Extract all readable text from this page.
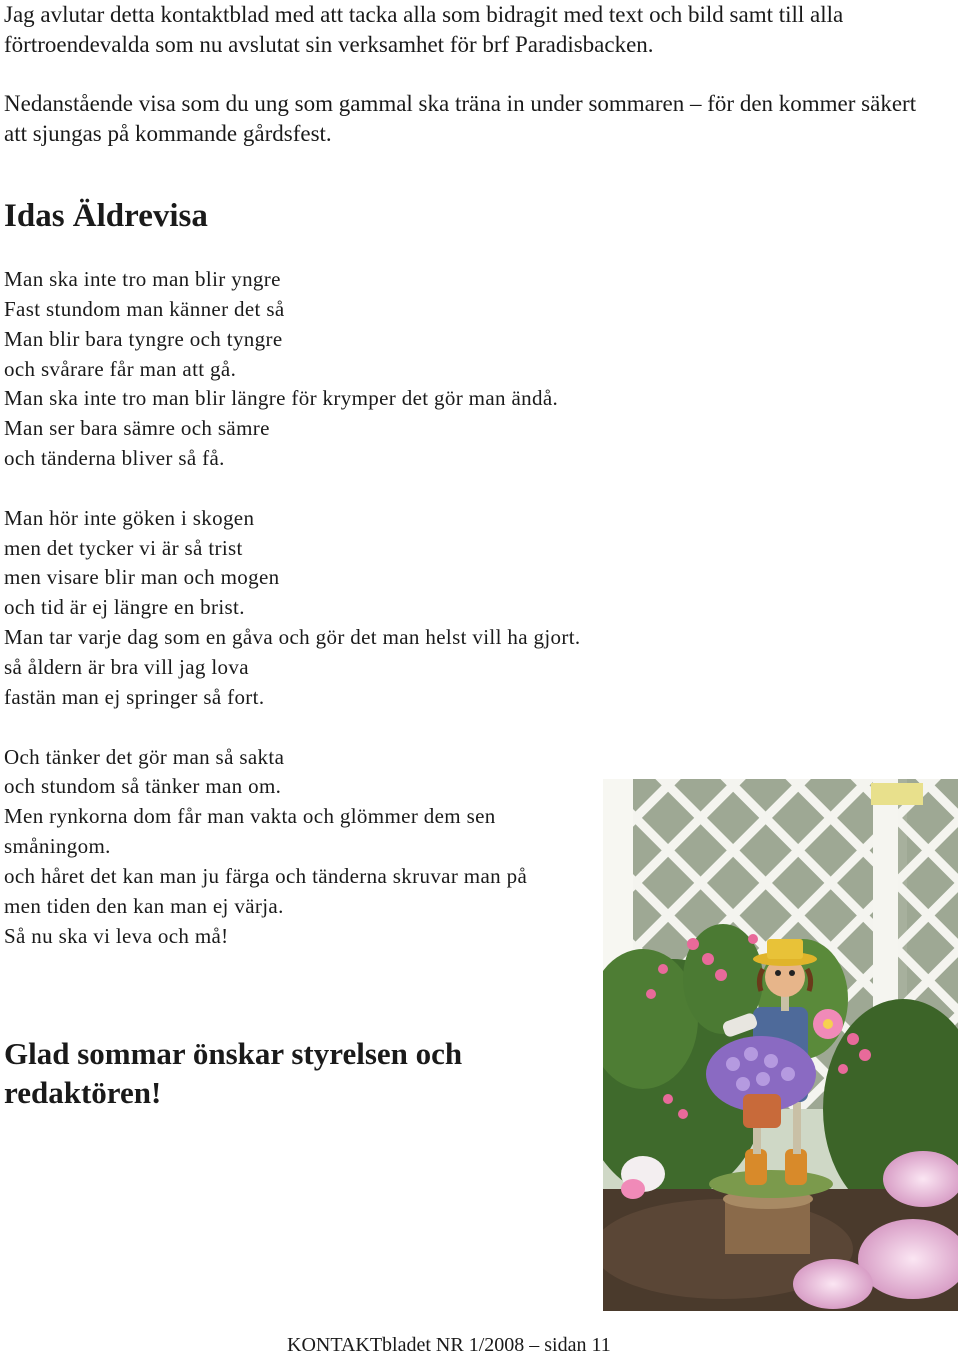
Jag avlutar detta kontaktblad med att tacka alla som bidragit med text och bild samt till alla förtroendevalda som nu avslutat sin verksamhet för brf Paradisbacken.

Nedanstående visa som du ung som gammal ska träna in under sommaren – för den kommer säkert att sjungas på kommande gårdsfest.

Idas Äldrevisa
Man ska inte tro man blir yngre
Fast stundom man känner det så
Man blir bara tyngre och tyngre
och svårare får man att gå.
Man ska inte tro man blir längre för krymper det gör man ändå.
Man ser bara sämre och sämre
och tänderna bliver så få.
Man hör inte göken i skogen
men det tycker vi är så trist
men visare blir man och mogen
och tid är ej längre en brist.
Man tar varje dag som en gåva och gör det man helst vill ha gjort.
så åldern är bra vill jag lova
fastän man ej springer så fort.
Och tänker det gör man så sakta
och stundom så tänker man om.
Men rynkorna dom får man vakta och glömmer dem sen småningom.
och håret det kan man ju färga och tänderna skruvar man på
men tiden den kan man ej värja.
Så nu ska vi leva och må!
Glad sommar önskar styrelsen och redaktören!
KONTAKTbladet NR 1/2008 – sidan 11
